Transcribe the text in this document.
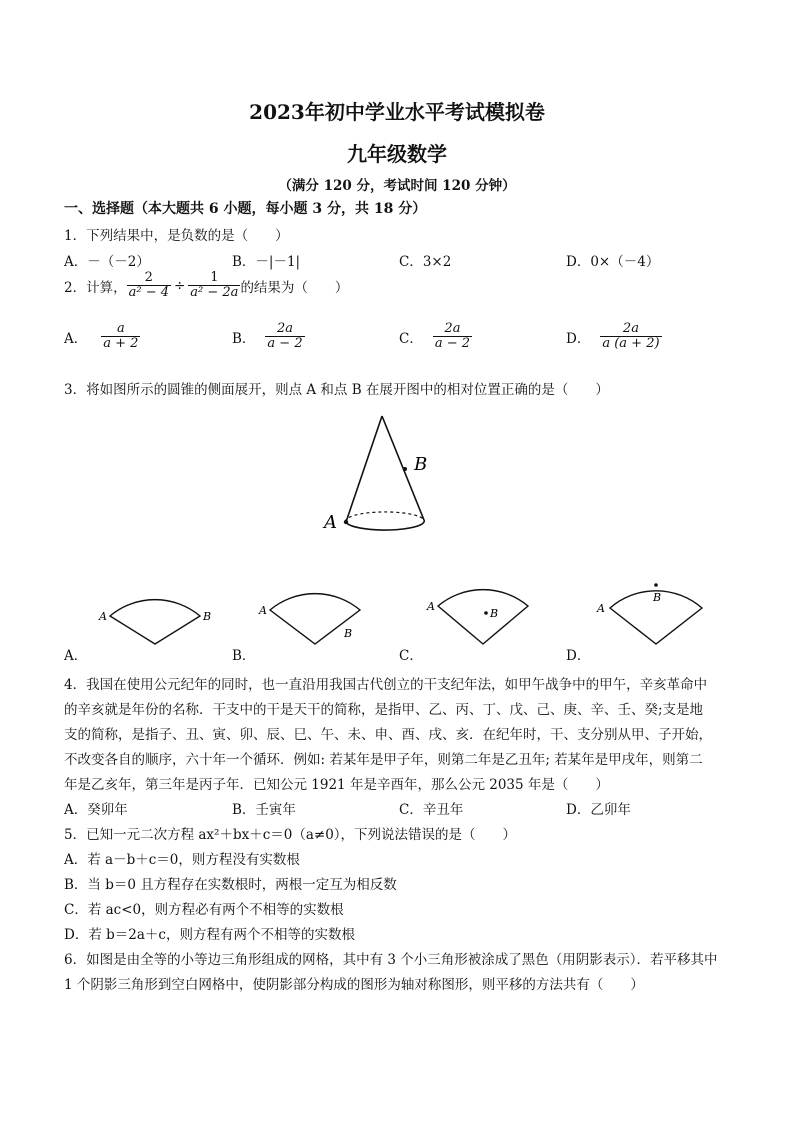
2023年初中学业水平考试模拟卷
九年级数学
（满分 120 分，考试时间 120 分钟）
一、选择题（本大题共 6 小题，每小题 3 分，共 18 分）
1．下列结果中，是负数的是（　　）
A．－（－2）	B．－|－1|	C．3×2	D．0×（－4）
2．计算， $\frac{2}{\text{a² − 4}} \div \frac{1}{\text{a² − 2a}}$ 的结果为（　　）
A． $\frac{a}{a + 2}$	B． $\frac{2a}{a - 2}$	C． $\frac{2a}{a - 2}$	D． $\frac{2a}{a (a + 2)}$
3．将如图所示的圆锥的侧面展开，则点 A 和点 B 在展开图中的相对位置正确的是（　　）
B
A
A	B	A
B
A
B	A
B
A．	B．	C．	D．
4．我国在使用公元纪年的同时，也一直沿用我国古代创立的干支纪年法，如甲午战争中的甲午，辛亥革命中
的辛亥就是年份的名称．干支中的干是天干的简称，是指甲、乙、丙、丁、戊、己、庚、辛、壬、癸;支是地
支的简称，是指子、丑、寅、卯、辰、巳、午、未、申、酉、戌、亥．在纪年时，干、支分别从甲、子开始，
不改变各自的顺序，六十年一个循环．例如: 若某年是甲子年，则第二年是乙丑年; 若某年是甲戌年，则第二
年是乙亥年，第三年是丙子年．已知公元 1921 年是辛酉年，那么公元 2035 年是（　　）
A．癸卯年	B．壬寅年	C．辛丑年	D．乙卯年
5．已知一元二次方程 ax²＋bx＋c＝0（a≠0），下列说法错误的是（　　）
A．若 a－b＋c＝0，则方程没有实数根
B．当 b＝0 且方程存在实数根时，两根一定互为相反数
C．若 ac<0，则方程必有两个不相等的实数根
D．若 b＝2a＋c，则方程有两个不相等的实数根
6．如图是由全等的小等边三角形组成的网格，其中有 3 个小三角形被涂成了黑色（用阴影表示）．若平移其中
1 个阴影三角形到空白网格中，使阴影部分构成的图形为轴对称图形，则平移的方法共有（　　）
